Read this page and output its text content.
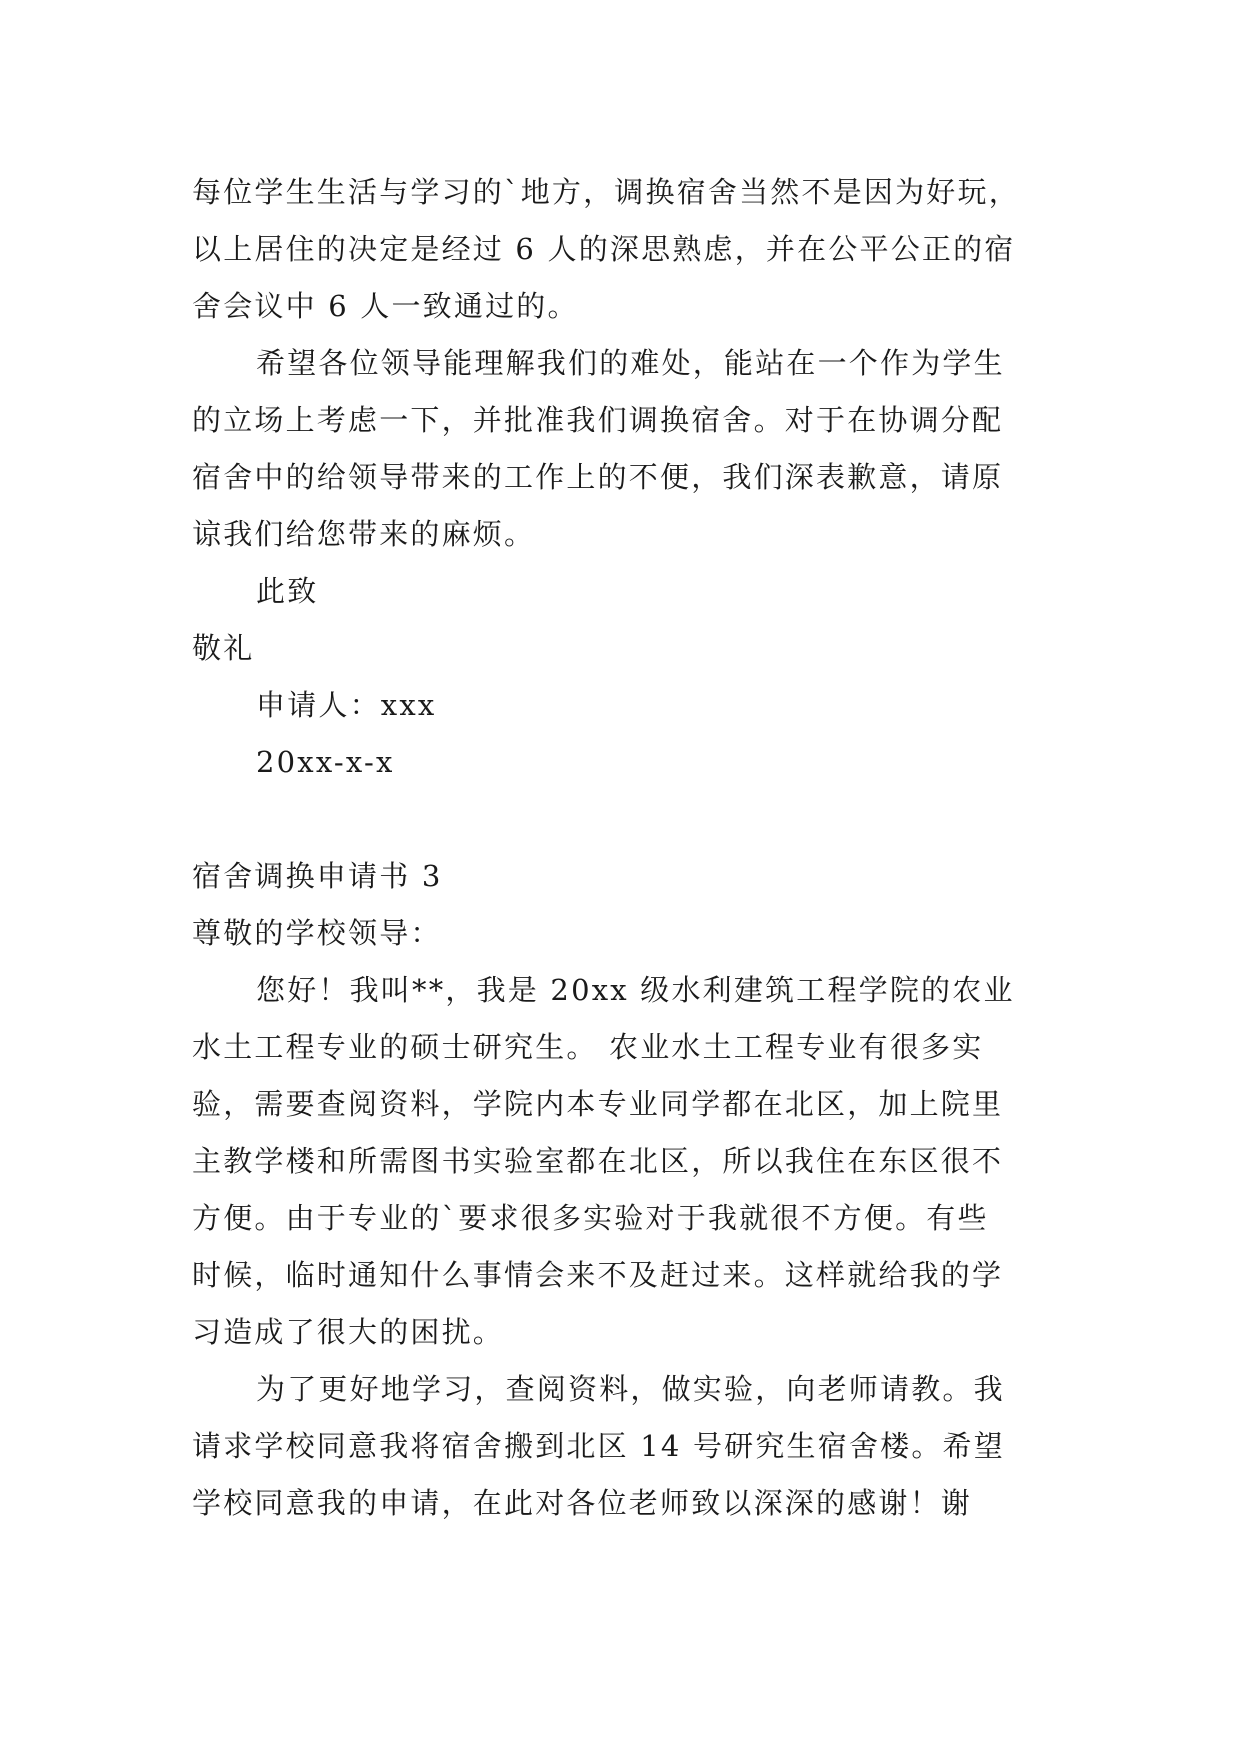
每位学生生活与学习的`地方，调换宿舍当然不是因为好玩，
以上居住的决定是经过 6 人的深思熟虑，并在公平公正的宿
舍会议中 6 人一致通过的。
希望各位领导能理解我们的难处，能站在一个作为学生
的立场上考虑一下，并批准我们调换宿舍。对于在协调分配
宿舍中的给领导带来的工作上的不便，我们深表歉意，请原
谅我们给您带来的麻烦。
此致
敬礼
申请人：xxx
20xx-x-x
宿舍调换申请书 3
尊敬的学校领导：
您好！我叫**，我是 20xx 级水利建筑工程学院的农业
水土工程专业的硕士研究生。 农业水土工程专业有很多实
验，需要查阅资料，学院内本专业同学都在北区，加上院里
主教学楼和所需图书实验室都在北区，所以我住在东区很不
方便。由于专业的`要求很多实验对于我就很不方便。有些
时候，临时通知什么事情会来不及赶过来。这样就给我的学
习造成了很大的困扰。
为了更好地学习，查阅资料，做实验，向老师请教。我
请求学校同意我将宿舍搬到北区 14 号研究生宿舍楼。希望
学校同意我的申请，在此对各位老师致以深深的感谢！谢
